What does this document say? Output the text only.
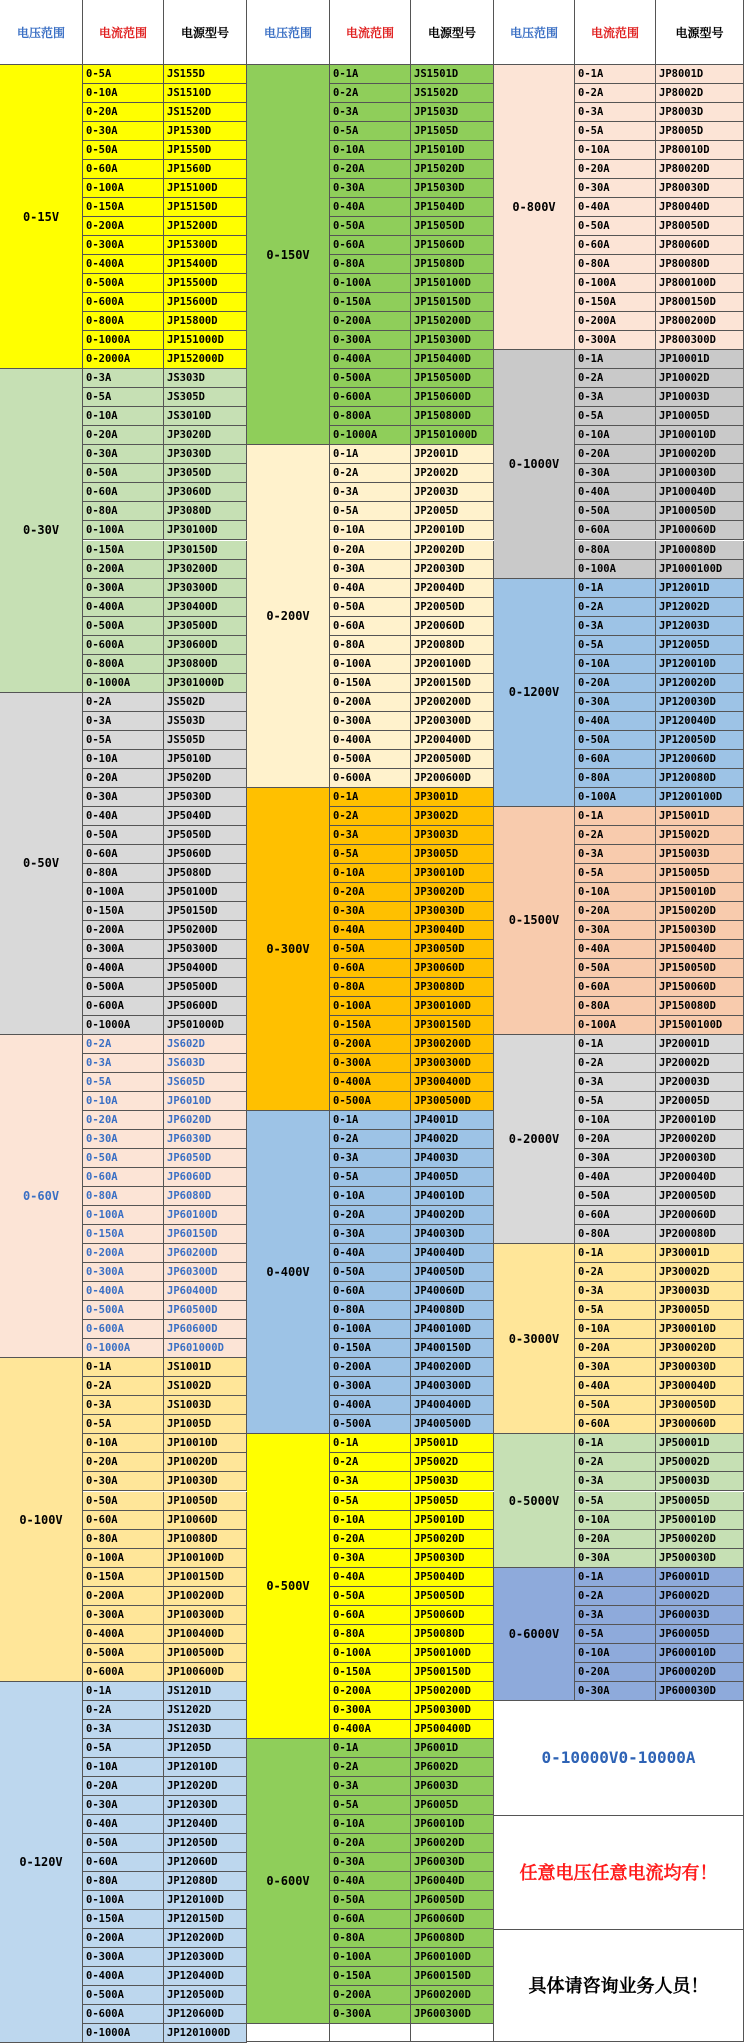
电压范围	电流范围	电源型号	电压范围	电流范围	电源型号	电压范围	电流范围	电源型号
0-15V
0-5A	JS155D
0-10A	JS1510D
0-20A	JS1520D
0-30A	JP1530D
0-50A	JP1550D
0-60A	JP1560D
0-100A	JP15100D
0-150A	JP15150D
0-200A	JP15200D
0-300A	JP15300D
0-400A	JP15400D
0-500A	JP15500D
0-600A	JP15600D
0-800A	JP15800D
0-1000A	JP151000D
0-2000A	JP152000D
0-30V
0-3A	JS303D
0-5A	JS305D
0-10A	JS3010D
0-20A	JP3020D
0-30A	JP3030D
0-50A	JP3050D
0-60A	JP3060D
0-80A	JP3080D
0-100A	JP30100D
0-150A	JP30150D
0-200A	JP30200D
0-300A	JP30300D
0-400A	JP30400D
0-500A	JP30500D
0-600A	JP30600D
0-800A	JP30800D
0-1000A	JP301000D
0-50V
0-2A	JS502D
0-3A	JS503D
0-5A	JS505D
0-10A	JP5010D
0-20A	JP5020D
0-30A	JP5030D
0-40A	JP5040D
0-50A	JP5050D
0-60A	JP5060D
0-80A	JP5080D
0-100A	JP50100D
0-150A	JP50150D
0-200A	JP50200D
0-300A	JP50300D
0-400A	JP50400D
0-500A	JP50500D
0-600A	JP50600D
0-1000A	JP501000D
0-60V
0-2A	JS602D
0-3A	JS603D
0-5A	JS605D
0-10A	JP6010D
0-20A	JP6020D
0-30A	JP6030D
0-50A	JP6050D
0-60A	JP6060D
0-80A	JP6080D
0-100A	JP60100D
0-150A	JP60150D
0-200A	JP60200D
0-300A	JP60300D
0-400A	JP60400D
0-500A	JP60500D
0-600A	JP60600D
0-1000A	JP601000D
0-100V
0-1A	JS1001D
0-2A	JS1002D
0-3A	JS1003D
0-5A	JP1005D
0-10A	JP10010D
0-20A	JP10020D
0-30A	JP10030D
0-50A	JP10050D
0-60A	JP10060D
0-80A	JP10080D
0-100A	JP100100D
0-150A	JP100150D
0-200A	JP100200D
0-300A	JP100300D
0-400A	JP100400D
0-500A	JP100500D
0-600A	JP100600D
0-120V
0-1A	JS1201D
0-2A	JS1202D
0-3A	JS1203D
0-5A	JP1205D
0-10A	JP12010D
0-20A	JP12020D
0-30A	JP12030D
0-40A	JP12040D
0-50A	JP12050D
0-60A	JP12060D
0-80A	JP12080D
0-100A	JP120100D
0-150A	JP120150D
0-200A	JP120200D
0-300A	JP120300D
0-400A	JP120400D
0-500A	JP120500D
0-600A	JP120600D
0-1000A	JP1201000D
0-150V
0-1A	JS1501D
0-2A	JS1502D
0-3A	JP1503D
0-5A	JP1505D
0-10A	JP15010D
0-20A	JP15020D
0-30A	JP15030D
0-40A	JP15040D
0-50A	JP15050D
0-60A	JP15060D
0-80A	JP15080D
0-100A	JP150100D
0-150A	JP150150D
0-200A	JP150200D
0-300A	JP150300D
0-400A	JP150400D
0-500A	JP150500D
0-600A	JP150600D
0-800A	JP150800D
0-1000A	JP1501000D
0-200V
0-1A	JP2001D
0-2A	JP2002D
0-3A	JP2003D
0-5A	JP2005D
0-10A	JP20010D
0-20A	JP20020D
0-30A	JP20030D
0-40A	JP20040D
0-50A	JP20050D
0-60A	JP20060D
0-80A	JP20080D
0-100A	JP200100D
0-150A	JP200150D
0-200A	JP200200D
0-300A	JP200300D
0-400A	JP200400D
0-500A	JP200500D
0-600A	JP200600D
0-300V
0-1A	JP3001D
0-2A	JP3002D
0-3A	JP3003D
0-5A	JP3005D
0-10A	JP30010D
0-20A	JP30020D
0-30A	JP30030D
0-40A	JP30040D
0-50A	JP30050D
0-60A	JP30060D
0-80A	JP30080D
0-100A	JP300100D
0-150A	JP300150D
0-200A	JP300200D
0-300A	JP300300D
0-400A	JP300400D
0-500A	JP300500D
0-400V
0-1A	JP4001D
0-2A	JP4002D
0-3A	JP4003D
0-5A	JP4005D
0-10A	JP40010D
0-20A	JP40020D
0-30A	JP40030D
0-40A	JP40040D
0-50A	JP40050D
0-60A	JP40060D
0-80A	JP40080D
0-100A	JP400100D
0-150A	JP400150D
0-200A	JP400200D
0-300A	JP400300D
0-400A	JP400400D
0-500A	JP400500D
0-500V
0-1A	JP5001D
0-2A	JP5002D
0-3A	JP5003D
0-5A	JP5005D
0-10A	JP50010D
0-20A	JP50020D
0-30A	JP50030D
0-40A	JP50040D
0-50A	JP50050D
0-60A	JP50060D
0-80A	JP50080D
0-100A	JP500100D
0-150A	JP500150D
0-200A	JP500200D
0-300A	JP500300D
0-400A	JP500400D
0-600V
0-1A	JP6001D
0-2A	JP6002D
0-3A	JP6003D
0-5A	JP6005D
0-10A	JP60010D
0-20A	JP60020D
0-30A	JP60030D
0-40A	JP60040D
0-50A	JP60050D
0-60A	JP60060D
0-80A	JP60080D
0-100A	JP600100D
0-150A	JP600150D
0-200A	JP600200D
0-300A	JP600300D
0-800V
0-1A	JP8001D
0-2A	JP8002D
0-3A	JP8003D
0-5A	JP8005D
0-10A	JP80010D
0-20A	JP80020D
0-30A	JP80030D
0-40A	JP80040D
0-50A	JP80050D
0-60A	JP80060D
0-80A	JP80080D
0-100A	JP800100D
0-150A	JP800150D
0-200A	JP800200D
0-300A	JP800300D
0-1000V
0-1A	JP10001D
0-2A	JP10002D
0-3A	JP10003D
0-5A	JP10005D
0-10A	JP100010D
0-20A	JP100020D
0-30A	JP100030D
0-40A	JP100040D
0-50A	JP100050D
0-60A	JP100060D
0-80A	JP100080D
0-100A	JP1000100D
0-1200V
0-1A	JP12001D
0-2A	JP12002D
0-3A	JP12003D
0-5A	JP12005D
0-10A	JP120010D
0-20A	JP120020D
0-30A	JP120030D
0-40A	JP120040D
0-50A	JP120050D
0-60A	JP120060D
0-80A	JP120080D
0-100A	JP1200100D
0-1500V
0-1A	JP15001D
0-2A	JP15002D
0-3A	JP15003D
0-5A	JP15005D
0-10A	JP150010D
0-20A	JP150020D
0-30A	JP150030D
0-40A	JP150040D
0-50A	JP150050D
0-60A	JP150060D
0-80A	JP150080D
0-100A	JP1500100D
0-2000V
0-1A	JP20001D
0-2A	JP20002D
0-3A	JP20003D
0-5A	JP20005D
0-10A	JP200010D
0-20A	JP200020D
0-30A	JP200030D
0-40A	JP200040D
0-50A	JP200050D
0-60A	JP200060D
0-80A	JP200080D
0-3000V
0-1A	JP30001D
0-2A	JP30002D
0-3A	JP30003D
0-5A	JP30005D
0-10A	JP300010D
0-20A	JP300020D
0-30A	JP300030D
0-40A	JP300040D
0-50A	JP300050D
0-60A	JP300060D
0-5000V
0-1A	JP50001D
0-2A	JP50002D
0-3A	JP50003D
0-5A	JP50005D
0-10A	JP500010D
0-20A	JP500020D
0-30A	JP500030D
0-6000V
0-1A	JP60001D
0-2A	JP60002D
0-3A	JP60003D
0-5A	JP60005D
0-10A	JP600010D
0-20A	JP600020D
0-30A	JP600030D
0-10000V0-10000A
任意电压任意电流均有！
具体请咨询业务人员！
